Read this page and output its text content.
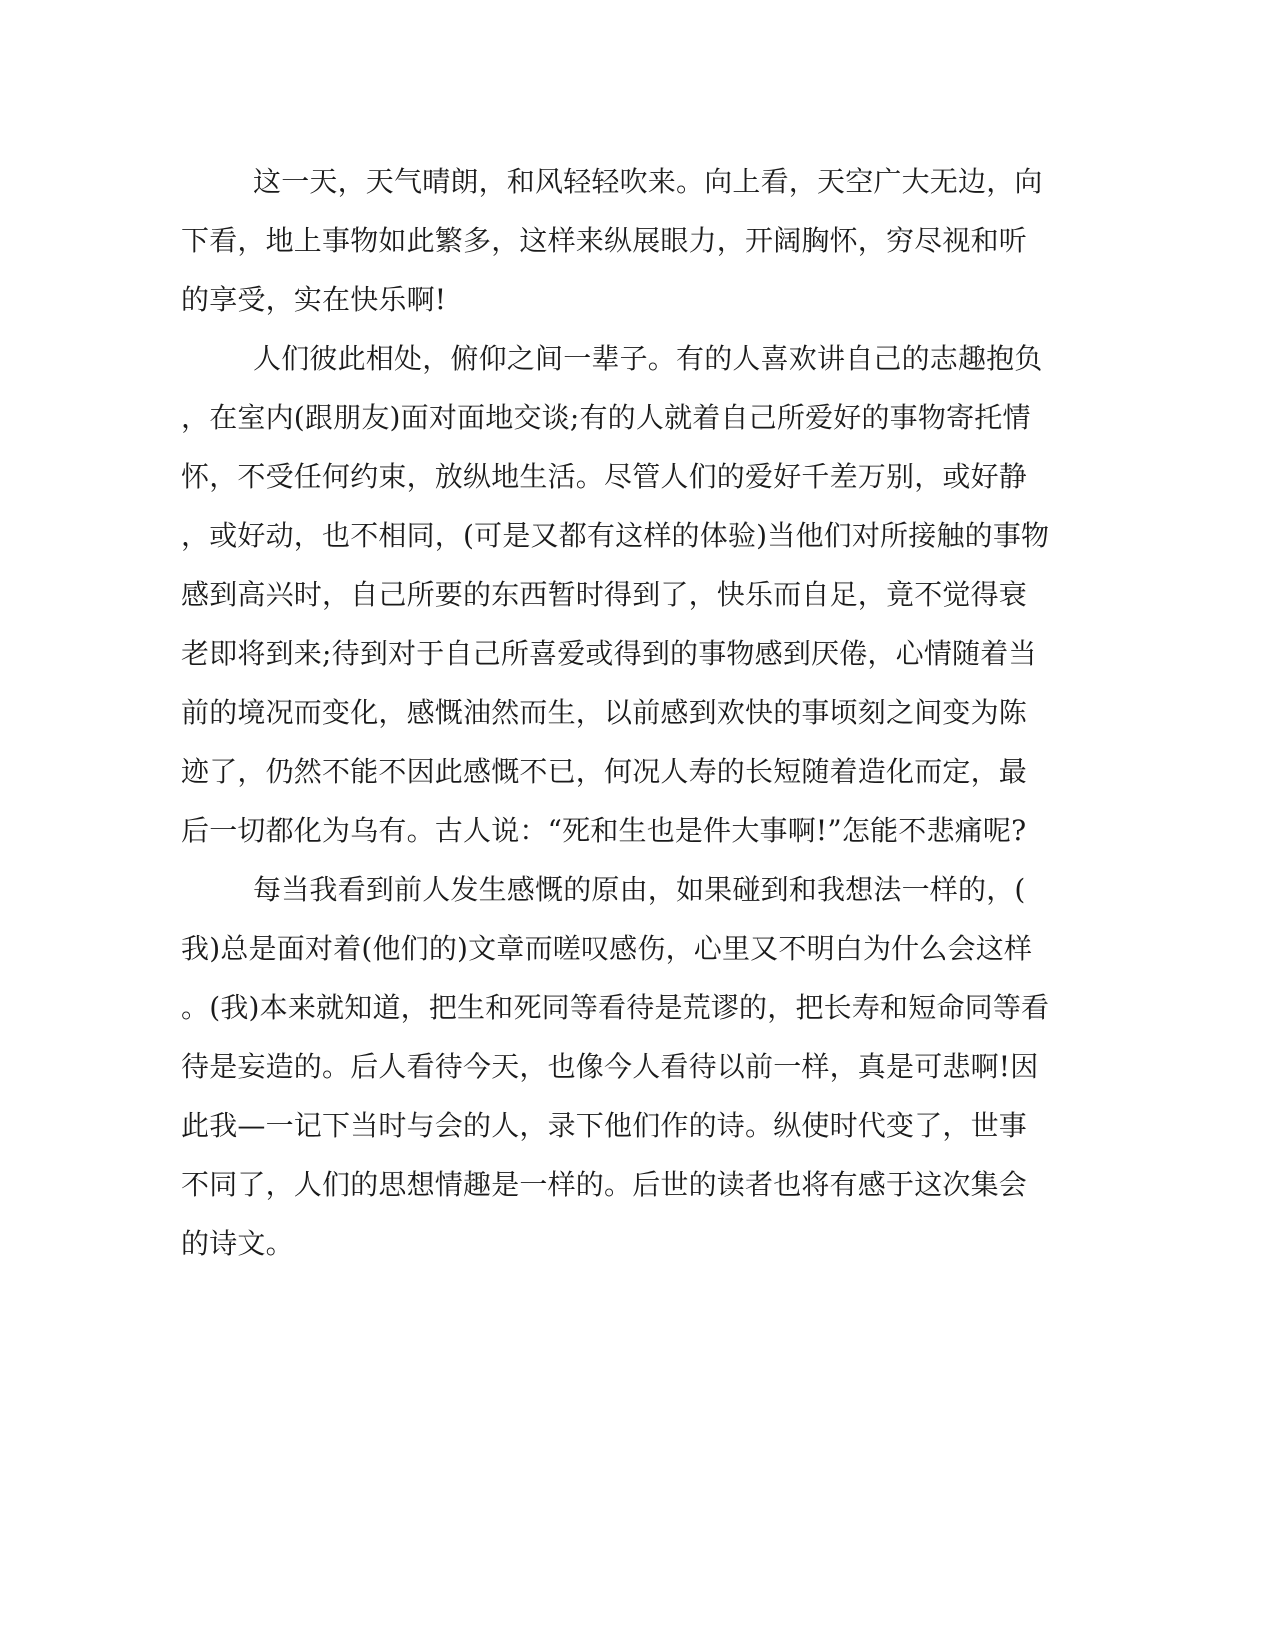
这一天，天气晴朗，和风轻轻吹来。向上看，天空广大无边，向
下看，地上事物如此繁多，这样来纵展眼力，开阔胸怀，穷尽视和听
的享受，实在快乐啊!
人们彼此相处，俯仰之间一辈子。有的人喜欢讲自己的志趣抱负
，在室内(跟朋友)面对面地交谈;有的人就着自己所爱好的事物寄托情
怀，不受任何约束，放纵地生活。尽管人们的爱好千差万别，或好静
，或好动，也不相同，(可是又都有这样的体验)当他们对所接触的事物
感到高兴时，自己所要的东西暂时得到了，快乐而自足，竟不觉得衰
老即将到来;待到对于自己所喜爱或得到的事物感到厌倦，心情随着当
前的境况而变化，感慨油然而生，以前感到欢快的事顷刻之间变为陈
迹了，仍然不能不因此感慨不已，何况人寿的长短随着造化而定，最
后一切都化为乌有。古人说：“死和生也是件大事啊!”怎能不悲痛呢?
每当我看到前人发生感慨的原由，如果碰到和我想法一样的，(
我)总是面对着(他们的)文章而嗟叹感伤，心里又不明白为什么会这样
。(我)本来就知道，把生和死同等看待是荒谬的，把长寿和短命同等看
待是妄造的。后人看待今天，也像今人看待以前一样，真是可悲啊!因
此我—一记下当时与会的人，录下他们作的诗。纵使时代变了，世事
不同了，人们的思想情趣是一样的。后世的读者也将有感于这次集会
的诗文。
